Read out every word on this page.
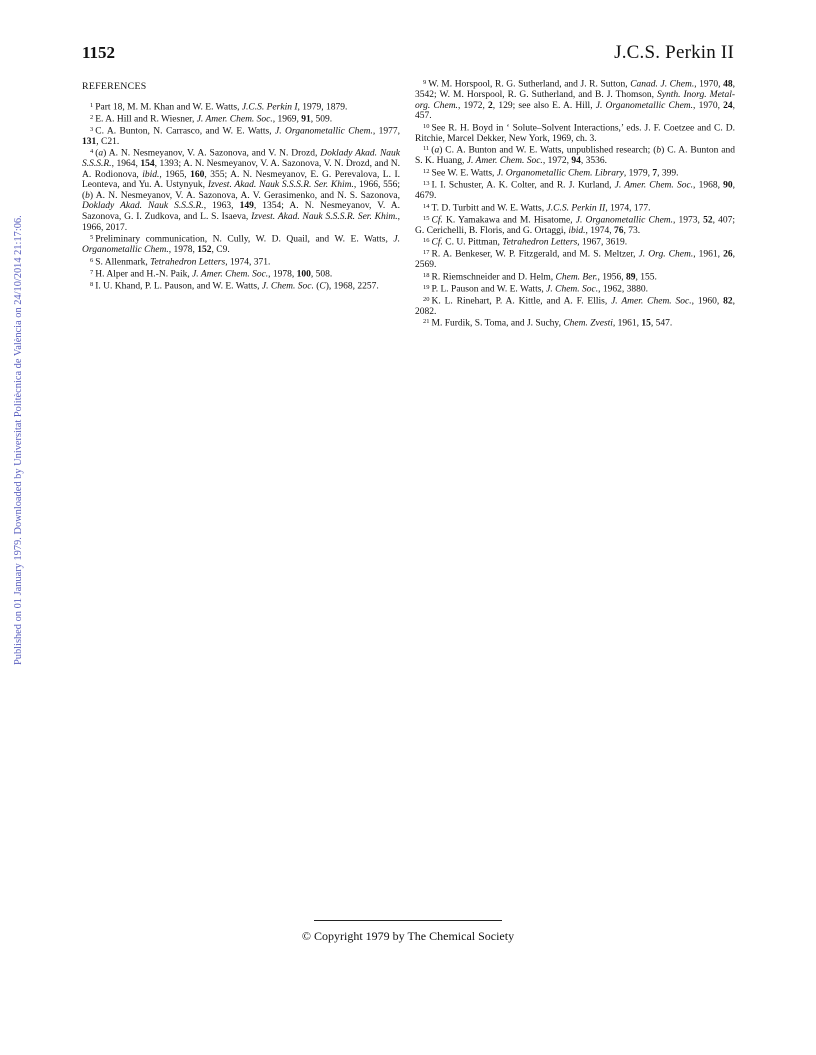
1152	J.C.S. Perkin II
Published on 01 January 1979. Downloaded by Universitat Politècnica de València on 24/10/2014 21:17:06.
REFERENCES
$^1$ Part 18, M. M. Khan and W. E. Watts, J.C.S. Perkin I, 1979, 1879.
$^2$ E. A. Hill and R. Wiesner, J. Amer. Chem. Soc., 1969, 91, 509.
$^3$ C. A. Bunton, N. Carrasco, and W. E. Watts, J. Organometallic Chem., 1977, 131, C21.
$^4$ (a) A. N. Nesmeyanov, V. A. Sazonova, and V. N. Drozd, Doklady Akad. Nauk S.S.S.R., 1964, 154, 1393; A. N. Nesmeyanov, V. A. Sazonova, V. N. Drozd, and N. A. Rodionova, ibid., 1965, 160, 355; A. N. Nesmeyanov, E. G. Perevalova, L. I. Leonteva, and Yu. A. Ustynyuk, Izvest. Akad. Nauk S.S.S.R. Ser. Khim., 1966, 556; (b) A. N. Nesmeyanov, V. A. Sazonova, A. V. Gerasimenko, and N. S. Sazonova, Doklady Akad. Nauk S.S.S.R., 1963, 149, 1354; A. N. Nesmeyanov, V. A. Sazonova, G. I. Zudkova, and L. S. Isaeva, Izvest. Akad. Nauk S.S.S.R. Ser. Khim., 1966, 2017.
$^5$ Preliminary communication, N. Cully, W. D. Quail, and W. E. Watts, J. Organometallic Chem., 1978, 152, C9.
$^6$ S. Allenmark, Tetrahedron Letters, 1974, 371.
$^7$ H. Alper and H.-N. Paik, J. Amer. Chem. Soc., 1978, 100, 508.
$^8$ I. U. Khand, P. L. Pauson, and W. E. Watts, J. Chem. Soc. (C), 1968, 2257.
$^9$ W. M. Horspool, R. G. Sutherland, and J. R. Sutton, Canad. J. Chem., 1970, 48, 3542; W. M. Horspool, R. G. Sutherland, and B. J. Thomson, Synth. Inorg. Metal-org. Chem., 1972, 2, 129; see also E. A. Hill, J. Organometallic Chem., 1970, 24, 457.
$^{10}$ See R. H. Boyd in ‘ Solute–Solvent Interactions,’ eds. J. F. Coetzee and C. D. Ritchie, Marcel Dekker, New York, 1969, ch. 3.
$^{11}$ (a) C. A. Bunton and W. E. Watts, unpublished research; (b) C. A. Bunton and S. K. Huang, J. Amer. Chem. Soc., 1972, 94, 3536.
$^{12}$ See W. E. Watts, J. Organometallic Chem. Library, 1979, 7, 399.
$^{13}$ I. I. Schuster, A. K. Colter, and R. J. Kurland, J. Amer. Chem. Soc., 1968, 90, 4679.
$^{14}$ T. D. Turbitt and W. E. Watts, J.C.S. Perkin II, 1974, 177.
$^{15}$ Cf. K. Yamakawa and M. Hisatome, J. Organometallic Chem., 1973, 52, 407; G. Cerichelli, B. Floris, and G. Ortaggi, ibid., 1974, 76, 73.
$^{16}$ Cf. C. U. Pittman, Tetrahedron Letters, 1967, 3619.
$^{17}$ R. A. Benkeser, W. P. Fitzgerald, and M. S. Meltzer, J. Org. Chem., 1961, 26, 2569.
$^{18}$ R. Riemschneider and D. Helm, Chem. Ber., 1956, 89, 155.
$^{19}$ P. L. Pauson and W. E. Watts, J. Chem. Soc., 1962, 3880.
$^{20}$ K. L. Rinehart, P. A. Kittle, and A. F. Ellis, J. Amer. Chem. Soc., 1960, 82, 2082.
$^{21}$ M. Furdik, S. Toma, and J. Suchy, Chem. Zvesti, 1961, 15, 547.
© Copyright 1979 by The Chemical Society
